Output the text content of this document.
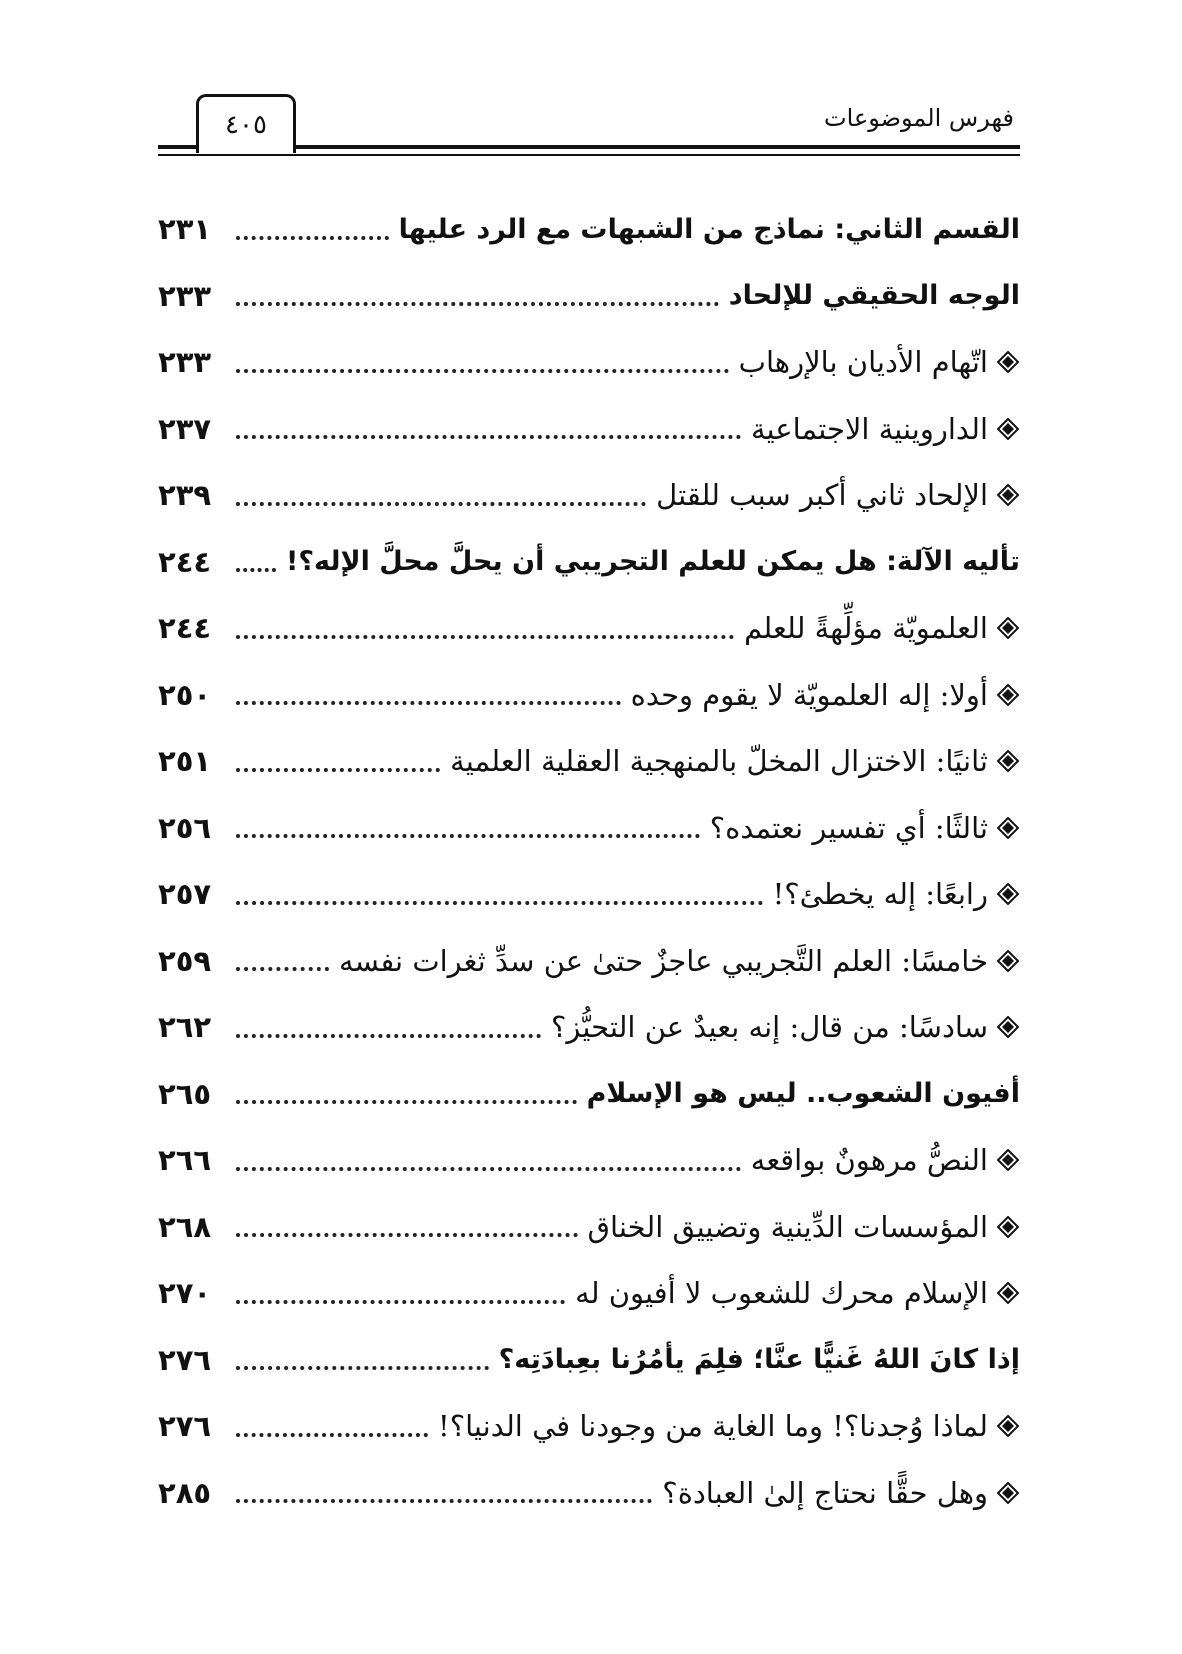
فهرس الموضوعات
٤٠٥
القسم الثاني: نماذج من الشبهات مع الرد عليها
٢٣١
الوجه الحقيقي للإلحاد
٢٣٣
اتّهام الأديان بالإرهاب
٢٣٣
الداروينية الاجتماعية
٢٣٧
الإلحاد ثاني أكبر سبب للقتل
٢٣٩
تأليه الآلة: هل يمكن للعلم التجريبي أن يحلَّ محلَّ الإله؟!
٢٤٤
العلمويّة مؤلِّهةً للعلم
٢٤٤
أولا: إله العلمويّة لا يقوم وحده
٢٥٠
ثانيًا: الاختزال المخلّ بالمنهجية العقلية العلمية
٢٥١
ثالثًا: أي تفسير نعتمده؟
٢٥٦
رابعًا: إله يخطئ؟!
٢٥٧
خامسًا: العلم التَّجريبي عاجزٌ حتىٰ عن سدِّ ثغرات نفسه
٢٥٩
سادسًا: من قال: إنه بعيدٌ عن التحيُّز؟
٢٦٢
أفيون الشعوب.. ليس هو الإسلام
٢٦٥
النصُّ مرهونٌ بواقعه
٢٦٦
المؤسسات الدِّينية وتضييق الخناق
٢٦٨
الإسلام محرك للشعوب لا أفيون له
٢٧٠
إذا كانَ اللهُ غَنيًّا عنَّا؛ فلِمَ يأمُرُنا بعِبادَتِه؟
٢٧٦
لماذا وُجدنا؟! وما الغاية من وجودنا في الدنيا؟!
٢٧٦
وهل حقًّا نحتاج إلىٰ العبادة؟
٢٨٥
